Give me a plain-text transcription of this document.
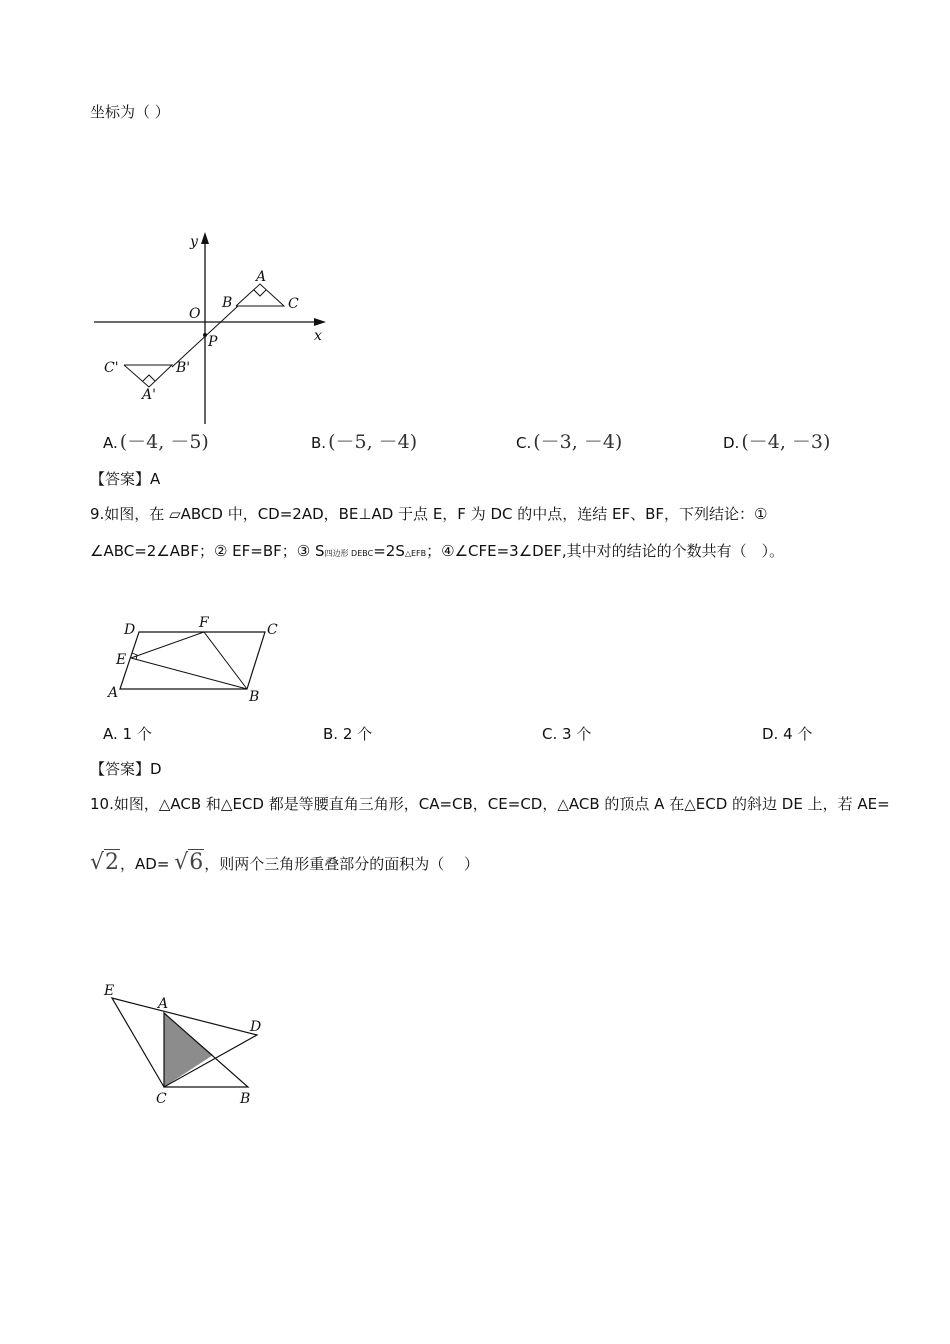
坐标为（ ）
y
x
O
P
A
B	C
A'
B'
C'
A. (－4, －5)	B. (－5, －4)	C. (－3, －4)	D. (－4, －3)
【答案】A
9.如图，在 ▱ABCD 中，CD=2AD，BE⊥AD 于点 E，F 为 DC 的中点，连结 EF、BF，下列结论：①
∠ABC=2∠ABF；② EF=BF；③ S四边形 DEBC=2S△EFB；④∠CFE=3∠DEF,其中对的结论的个数共有（　）。
D	F	C
E
A	B
A. 1 个	B. 2 个	C. 3 个	D. 4 个
【答案】D
10.如图，△ACB 和△ECD 都是等腰直角三角形，CA=CB，CE=CD，△ACB 的顶点 A 在△ECD 的斜边 DE 上，若 AE=
√2，AD= √6，则两个三角形重叠部分的面积为（　 ）
E
A
D
C	B
